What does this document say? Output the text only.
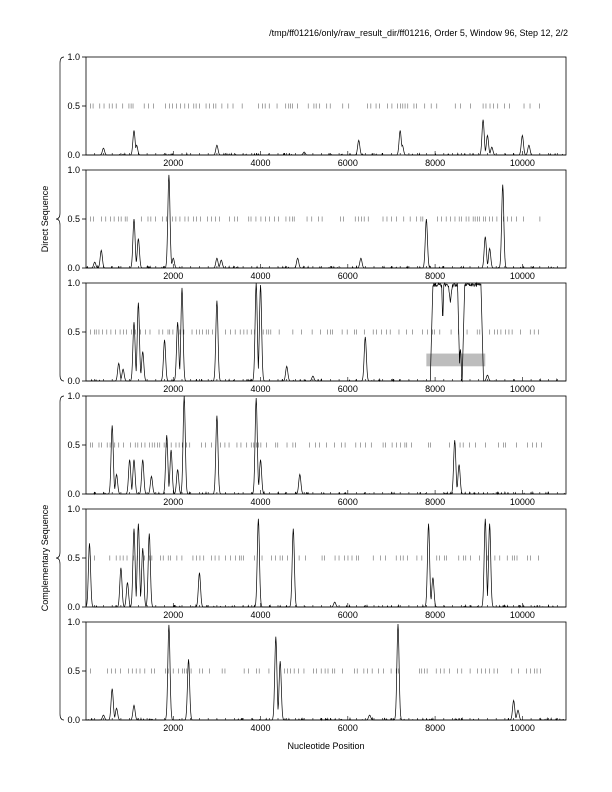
/tmp/ff01216/only/raw_result_dir/ff01216, Order 5, Window 96, Step 12, 2/2
0.0
0.5
1.0
2000	4000	6000	8000	10000
0.0
0.5
1.0
2000	4000	6000	8000	10000
0.0
0.5
1.0
2000	4000	6000	8000	10000
0.0
0.5
1.0
2000	4000	6000	8000	10000
0.0
0.5
1.0
2000	4000	6000	8000	10000
0.0
0.5
1.0
2000	4000	6000	8000	10000
Direct Sequence
Complementary Sequence
Nucleotide Position
